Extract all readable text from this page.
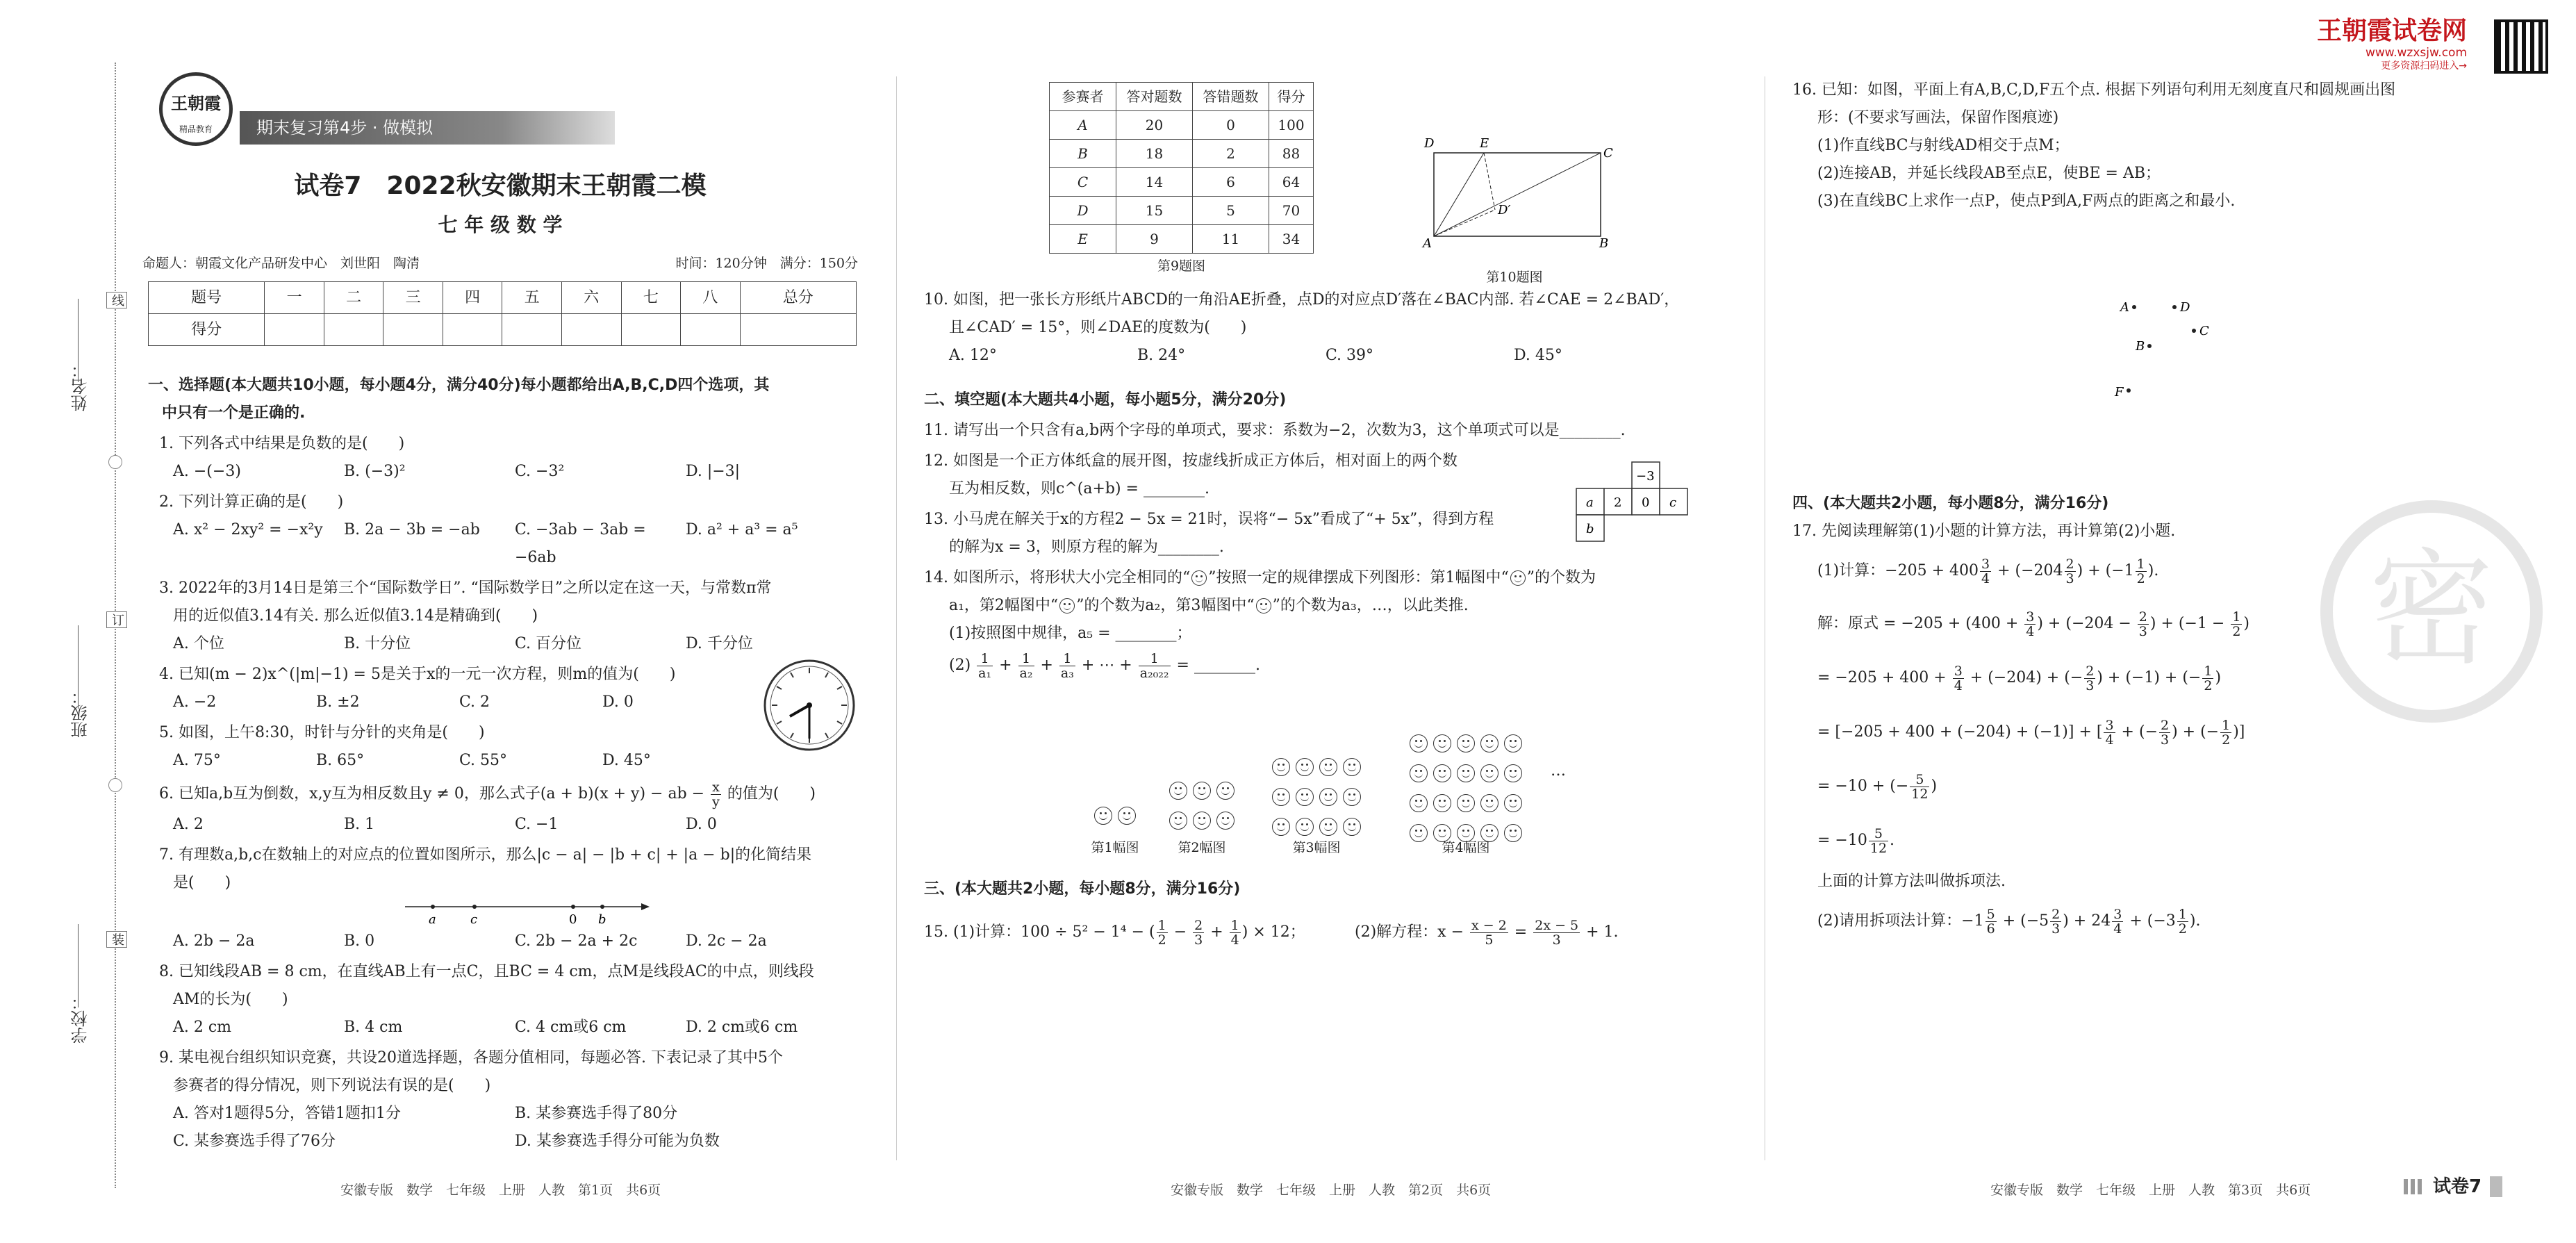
姓名：
班级：
学校：
线
订
装
王朝霞试卷网
www.wzxsjw.com
更多资源扫码进入→
密
王朝霞
精品教育	期末复习第4步 · 做模拟
试卷7　2022秋安徽期末王朝霞二模
七 年 级 数 学
命题人：朝霞文化产品研发中心　刘世阳　陶清	时间：120分钟　满分：150分
题号	一	二	三	四	五	六	七	八	总分
得分									
一、选择题(本大题共10小题，每小题4分，满分40分)每小题都给出A,B,C,D四个选项，其
中只有一个是正确的.
1. 下列各式中结果是负数的是(　　)
A. −(−3)	B. (−3)²	C. −3²	D. |−3|
2. 下列计算正确的是(　　)
A. x² − 2xy² = −x²y	B. 2a − 3b = −ab	C. −3ab − 3ab = −6ab
D. a² + a³ = a⁵
3. 2022年的3月14日是第三个“国际数学日”. “国际数学日”之所以定在这一天，与常数π常
用的近似值3.14有关. 那么近似值3.14是精确到(　　)
A. 个位	B. 十分位	C. 百分位	D. 千分位
4. 已知(m − 2)x^(|m|−1) = 5是关于x的一元一次方程，则m的值为(　　)
A. −2	B. ±2	C. 2	D. 0
5. 如图，上午8:30，时针与分针的夹角是(　　)
A. 75°	B. 65°	C. 55°	D. 45°
6. 已知a,b互为倒数，x,y互为相反数且y ≠ 0，那么式子(a + b)(x + y) − ab − $\frac{x}{y}$ 的值为(　　)
A. 2	B. 1	C. −1	D. 0
7. 有理数a,b,c在数轴上的对应点的位置如图所示，那么|c − a| − |b + c| + |a − b|的化简结果
是(　　)
a	c	0 b
A. 2b − 2a	B. 0	C. 2b − 2a + 2c	D. 2c − 2a
8. 已知线段AB = 8 cm，在直线AB上有一点C，且BC = 4 cm，点M是线段AC的中点，则线段
AM的长为(　　)
A. 2 cm	B. 4 cm	C. 4 cm或6 cm	D. 2 cm或6 cm
9. 某电视台组织知识竞赛，共设20道选择题，各题分值相同，每题必答. 下表记录了其中5个
参赛者的得分情况，则下列说法有误的是(　　)
A. 答对1题得5分，答错1题扣1分	B. 某参赛选手得了80分
C. 某参赛选手得了76分	D. 某参赛选手得分可能为负数
安徽专版　数学　七年级　上册　人教　第1页　共6页
参赛者	答对题数	答错题数	得分
A	20	0	100
B	18	2	88
C	14	6	64
D	15	5	70
E	9	11	34
第9题图
D	E
C
D′
A	B
第10题图
10. 如图，把一张长方形纸片ABCD的一角沿AE折叠，点D的对应点D′落在∠BAC内部. 若∠CAE = 2∠BAD′，
且∠CAD′ = 15°，则∠DAE的度数为(　　)
A. 12°	B. 24°	C. 39°	D. 45°
二、填空题(本大题共4小题，每小题5分，满分20分)
11. 请写出一个只含有a,b两个字母的单项式，要求：系数为−2，次数为3，这个单项式可以是________.
12. 如图是一个正方体纸盒的展开图，按虚线折成正方体后，相对面上的两个数
互为相反数，则c^(a+b) = ________.
13. 小马虎在解关于x的方程2 − 5x = 21时，误将“− 5x”看成了“+ 5x”，得到方程
的解为x = 3，则原方程的解为________.
14. 如图所示，将形状大小完全相同的“ ”按照一定的规律摆成下列图形：第1幅图中“ ”的个数为
a₁，第2幅图中“ ”的个数为a₂，第3幅图中“ ”的个数为a₃，…，以此类推.
(1)按照图中规律，a₅ = ________；
$(2) \frac{1}{\text{a₁}} + \frac{1}{\text{a₂}} + \frac{1}{\text{a₃}}$ + ⋯ + $\frac{1}{\text{a₂₀₂₂}}$ = ________.
−3
a 2 0 c
b
…
第1幅图	第2幅图	第3幅图	第4幅图
三、(本大题共2小题，每小题8分，满分16分)
15. (1)计算：100 ÷ 5² − 1⁴ − ( $\frac{1}{2} - \frac{2}{3} + \frac{1}{4}$ ) × 12；	(2)解方程：$x - \frac{x - 2}{5} = \frac{2x - 5}{3} + 1$.
安徽专版　数学　七年级　上册　人教　第2页　共6页
16. 已知：如图，平面上有A,B,C,D,F五个点. 根据下列语句利用无刻度直尺和圆规画出图
形：(不要求写画法，保留作图痕迹)
(1)作直线BC与射线AD相交于点M；
(2)连接AB，并延长线段AB至点E，使BE = AB；
(3)在直线BC上求作一点P，使点P到A,F两点的距离之和最小.
A	D
C
B
F
四、(本大题共2小题，每小题8分，满分16分)
17. 先阅读理解第(1)小题的计算方法，再计算第(2)小题.
(1)计算：$-205 + 400 \frac{3}{4} + (-204 \frac{2}{3}$ ) + ($-1 \frac{1}{2}$ ).
解：原式 = $-205 + (400 + \frac{3}{4}$ ) + ($-204 - \frac{2}{3}$ ) + ($-1 - \frac{1}{2}$ )
= $-205 + 400 + \frac{3}{4} + (-204)$ + (− $\frac{2}{3}$ ) + (−1) + (− $\frac{1}{2}$ )
= [−205 + 400 + (−204) + (−1)] + [ $\frac{3}{4}$ + (− $\frac{2}{3}$ ) + (− $\frac{1}{2}$ )]
= −10 + (− $\frac{5}{12}$ )
= $-10 \frac{5}{12}$ .
上面的计算方法叫做拆项法.
(2)请用拆项法计算：$-1 \frac{5}{6} + (-5 \frac{2}{3}$ ) + $24 \frac{3}{4} + (-3 \frac{1}{2}$ ).
安徽专版　数学　七年级　上册　人教　第3页　共6页	试卷7
